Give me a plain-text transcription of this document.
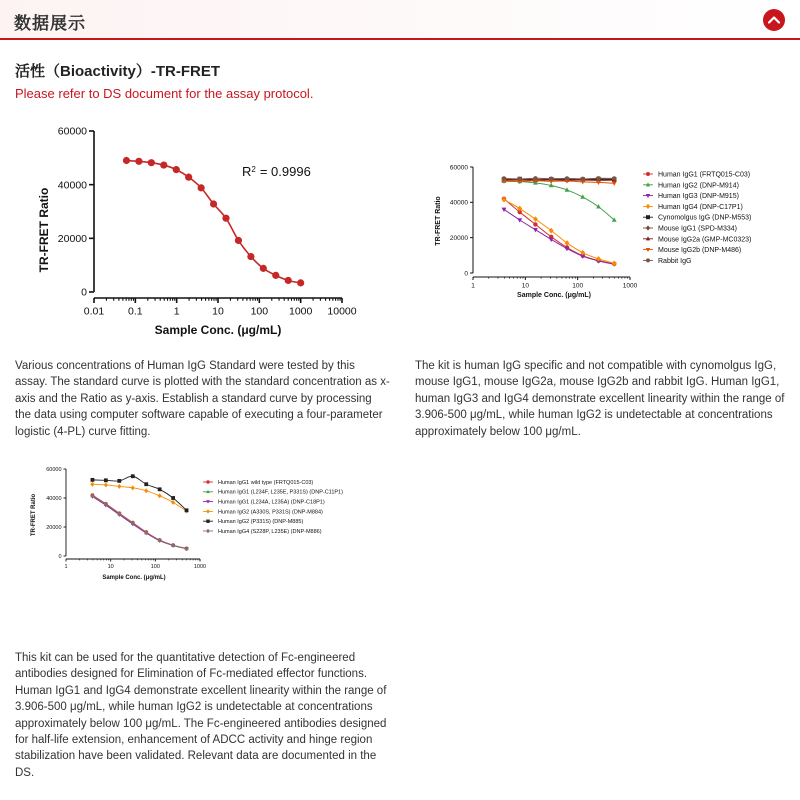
数据展示
活性（Bioactivity）-TR-FRET
Please refer to DS document for the assay protocol.
0
20000
40000
60000
0.01 0.1	1	10	100 1000 10000
$R^2 = 0.9996$
TR-FRET Ratio
Sample Conc. (μg/mL)
0
20000
40000
60000
1	10	100	1000
TR-FRET Ratio
Sample Conc. (μg/mL)
Human IgG1 (FRTQ015-C03)
Human IgG2 (DNP-M914)
Human IgG3 (DNP-M915)
Human IgG4 (DNP-C17P1)
Cynomolgus IgG (DNP-M553)
Mouse IgG1 (SPD-M334)
Mouse IgG2a (GMP-MC0323)
Mouse IgG2b (DNP-M486)
Rabbit IgG
0
20000
40000
60000
1	10	100	1000
TR-FRET Ratio
Sample Conc. (μg/mL)
Human IgG1 wild type (FRTQ015-C03)
Human IgG1 (L234F, L235E, P331S) (DNP-C11P1)
Human IgG1 (L234A, L235A) (DNP-C18P1)
Human IgG2 (A330S, P331S) (DNP-M884)
Human IgG2 (P331S) (DNP-M885)
Human IgG4 (S228P, L235E) (DNP-M886)
Various concentrations of Human IgG Standard were tested by this assay. The standard curve is plotted with the standard concentration as x-axis and the Ratio as y-axis. Establish a standard curve by processing the data using computer software capable of executing a four-parameter logistic (4-PL) curve fitting.
The kit is human IgG specific and not compatible with cynomolgus IgG, mouse IgG1, mouse IgG2a, mouse IgG2b and rabbit IgG. Human IgG1, human IgG3 and IgG4 demonstrate excellent linearity within the range of 3.906-500 μg/mL, while human IgG2 is undetectable at concentrations approximately below 100 μg/mL.
This kit can be used for the quantitative detection of Fc-engineered antibodies designed for Elimination of Fc-mediated effector functions. Human IgG1 and IgG4 demonstrate excellent linearity within the range of 3.906-500 μg/mL, while human IgG2 is undetectable at concentrations approximately below 100 μg/mL. The Fc-engineered antibodies designed for half-life extension, enhancement of ADCC activity and hinge region stabilization have been validated. Relevant data are documented in the DS.
